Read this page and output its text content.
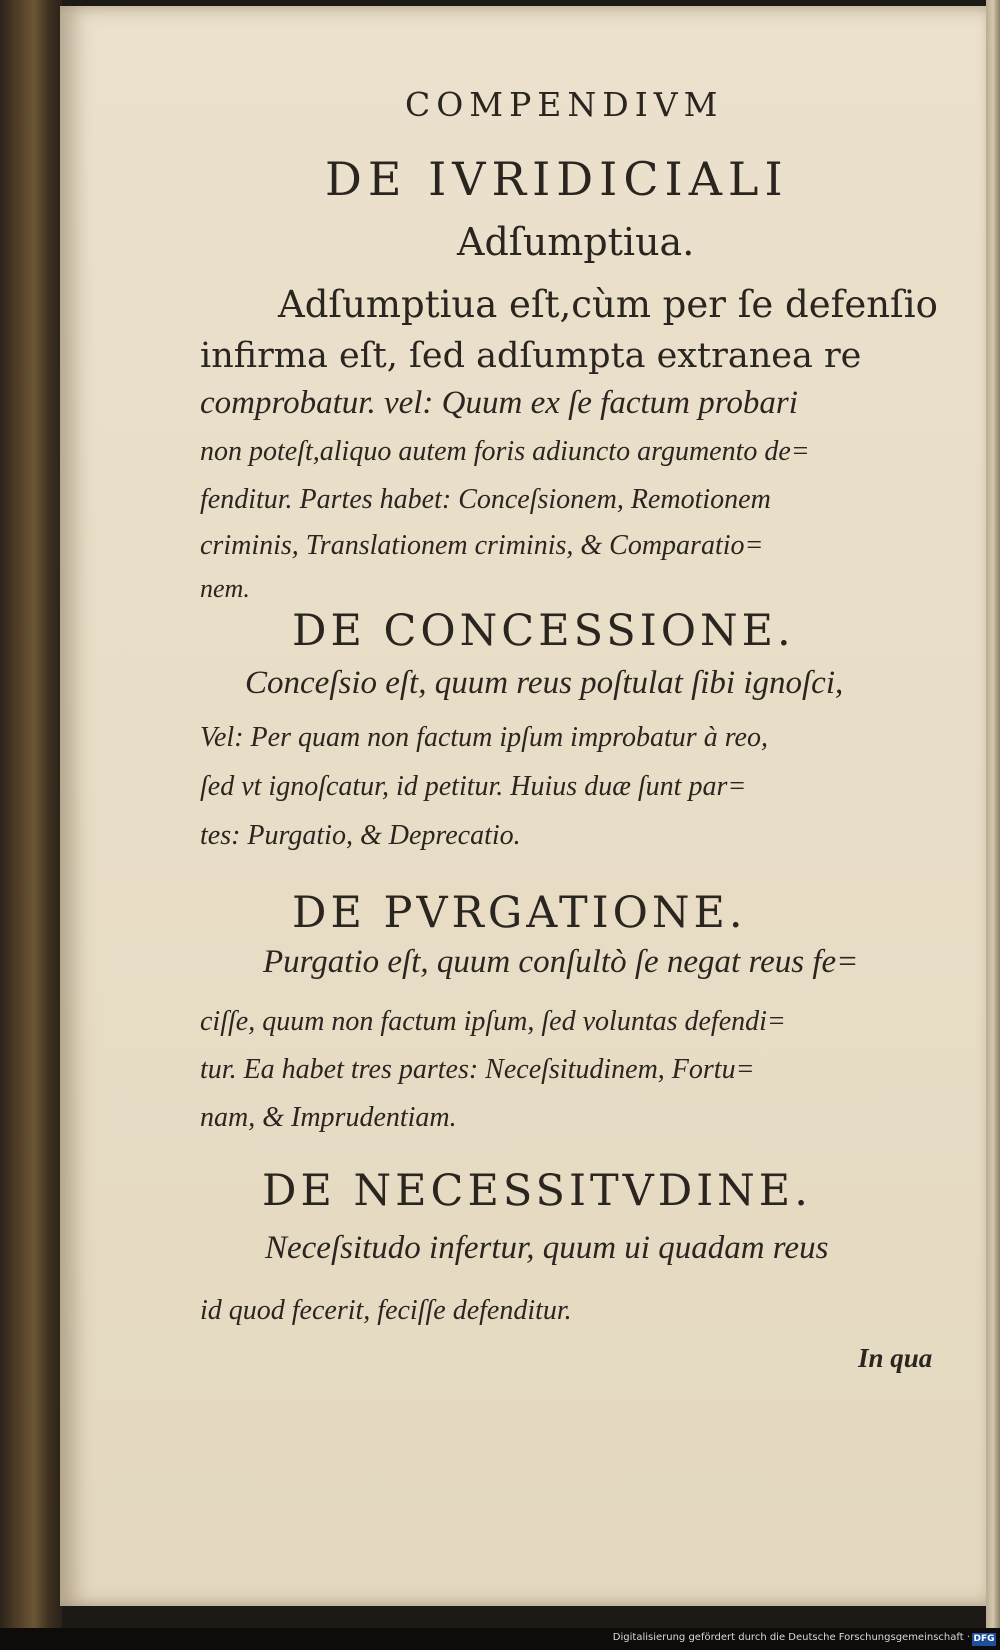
COMPENDIVM
DE IVRIDICIALI
Adſumptiua.
Adſumptiua eſt,cùm per ſe defenſio
infirma eſt, ſed adſumpta extranea re
comprobatur. vel: Quum ex ſe factum probari
non poteſt,aliquo autem foris adiuncto argumento de=
fenditur. Partes habet: Conceſsionem, Remotionem
criminis, Translationem criminis, & Comparatio=
nem.
DE CONCESSIONE.
Conceſsio eſt, quum reus poſtulat ſibi ignoſci,
Vel: Per quam non factum ipſum improbatur à reo,
ſed vt ignoſcatur, id petitur. Huius duæ ſunt par=
tes: Purgatio, & Deprecatio.
DE PVRGATIONE.
Purgatio eſt, quum conſultò ſe negat reus fe=
ciſſe, quum non factum ipſum, ſed voluntas defendi=
tur. Ea habet tres partes: Neceſsitudinem, Fortu=
nam, & Imprudentiam.
DE NECESSITVDINE.
Neceſsitudo infertur, quum ui quadam reus
id quod fecerit, feciſſe defenditur.
In qua
Digitalisierung gefördert durch die Deutsche Forschungsgemeinschaft · DFG
